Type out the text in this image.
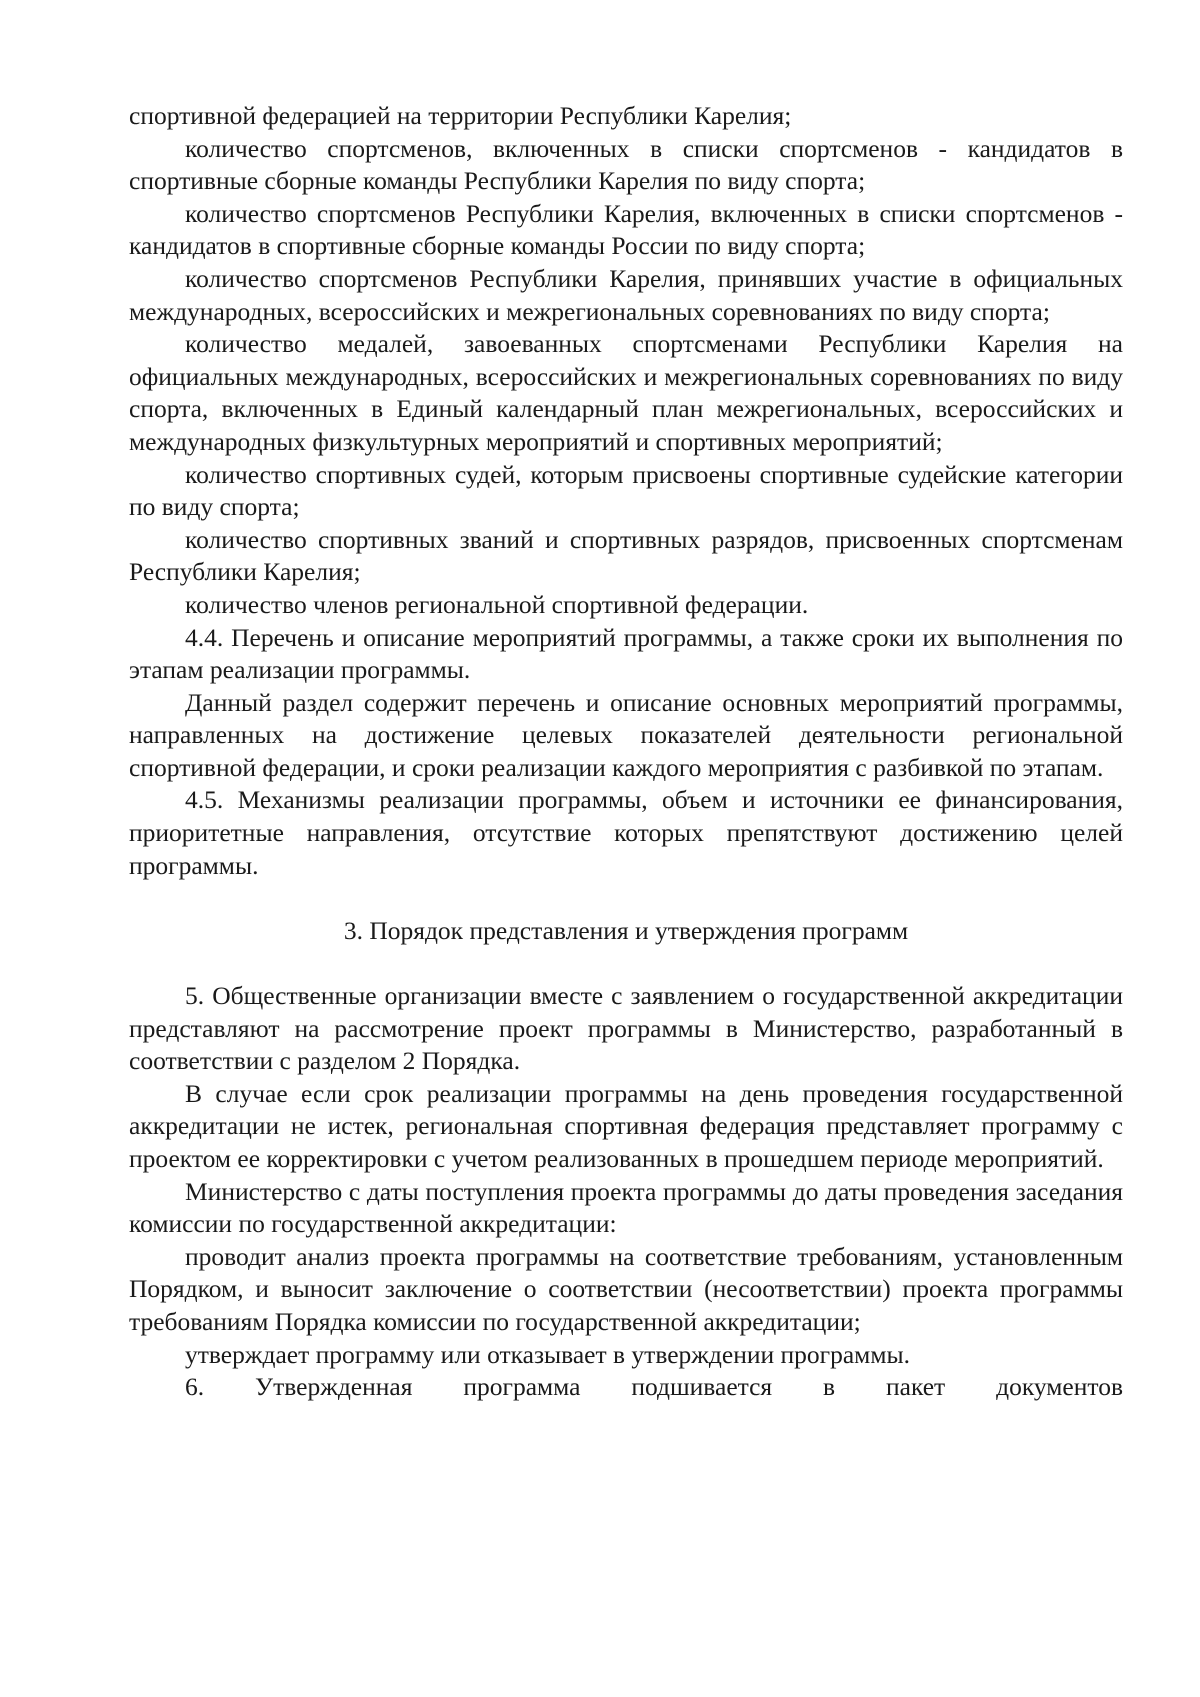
спортивной федерацией на территории Республики Карелия;

количество спортсменов, включенных в списки спортсменов - кандидатов в спортивные сборные команды Республики Карелия по виду спорта;

количество спортсменов Республики Карелия, включенных в списки спортсменов - кандидатов в спортивные сборные команды России по виду спорта;

количество спортсменов Республики Карелия, принявших участие в официальных международных, всероссийских и межрегиональных соревнованиях по виду спорта;

количество медалей, завоеванных спортсменами Республики Карелия на официальных международных, всероссийских и межрегиональных соревнованиях по виду спорта, включенных в Единый календарный план межрегиональных, всероссийских и международных физкультурных мероприятий и спортивных мероприятий;

количество спортивных судей, которым присвоены спортивные судейские категории по виду спорта;

количество спортивных званий и спортивных разрядов, присвоенных спортсменам Республики Карелия;

количество членов региональной спортивной федерации.

4.4. Перечень и описание мероприятий программы, а также сроки их выполнения по этапам реализации программы.

Данный раздел содержит перечень и описание основных мероприятий программы, направленных на достижение целевых показателей деятельности региональной спортивной федерации, и сроки реализации каждого мероприятия с разбивкой по этапам.

4.5. Механизмы реализации программы, объем и источники ее финансирования, приоритетные направления, отсутствие которых препятствуют достижению целей программы.

3. Порядок представления и утверждения программ

5. Общественные организации вместе с заявлением о государственной аккредитации представляют на рассмотрение проект программы в Министерство, разработанный в соответствии с разделом 2 Порядка.

В случае если срок реализации программы на день проведения государственной аккредитации не истек, региональная спортивная федерация представляет программу с проектом ее корректировки с учетом реализованных в прошедшем периоде мероприятий.

Министерство с даты поступления проекта программы до даты проведения заседания комиссии по государственной аккредитации:

проводит анализ проекта программы на соответствие требованиям, установленным Порядком, и выносит заключение о соответствии (несоответствии) проекта программы требованиям Порядка комиссии по государственной аккредитации;

утверждает программу или отказывает в утверждении программы.

6. Утвержденная программа подшивается в пакет документов
